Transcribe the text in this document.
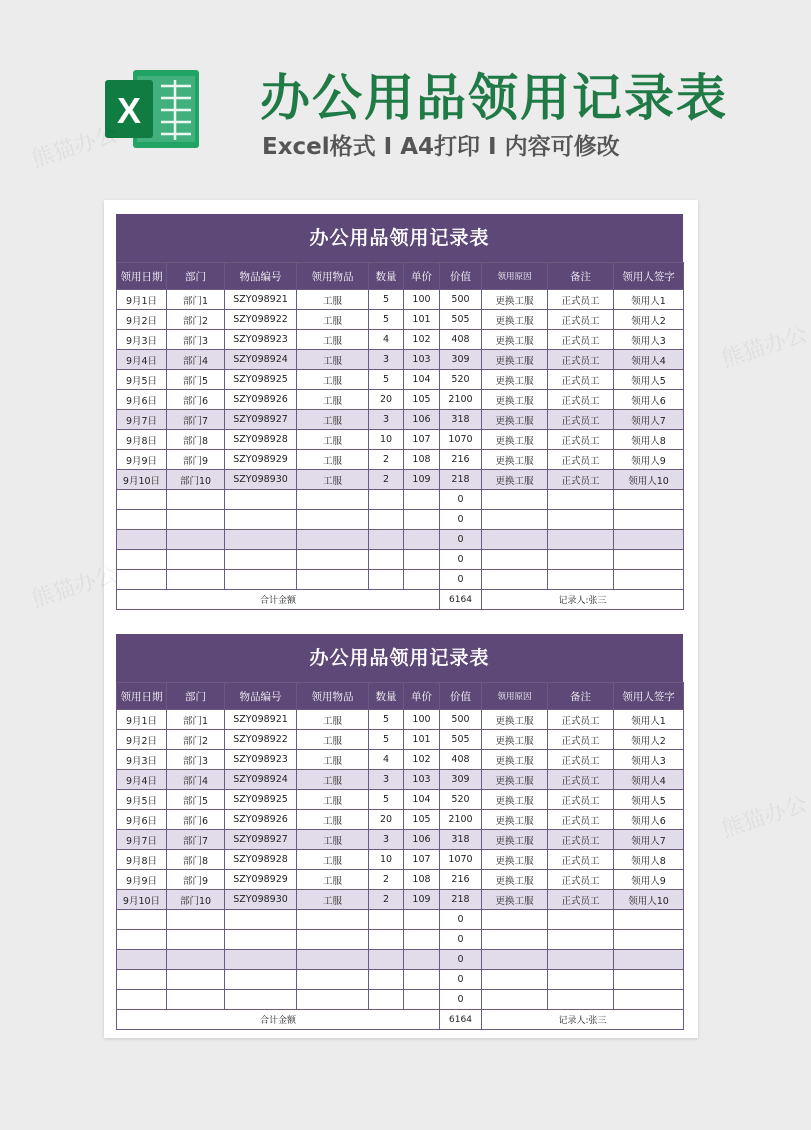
X 办公用品领用记录表
Excel格式 I A4打印 I 内容可修改
办公用品领用记录表
领用日期	部门	物品编号	领用物品	数量	单价	价值	领用原因	备注	领用人签字
9月1日	部门1	SZY098921	工服	5	100	500	更换工服	正式员工	领用人1
9月2日	部门2	SZY098922	工服	5	101	505	更换工服	正式员工	领用人2
9月3日	部门3	SZY098923	工服	4	102	408	更换工服	正式员工	领用人3
9月4日	部门4	SZY098924	工服	3	103	309	更换工服	正式员工	领用人4
9月5日	部门5	SZY098925	工服	5	104	520	更换工服	正式员工	领用人5
9月6日	部门6	SZY098926	工服	20	105	2100	更换工服	正式员工	领用人6
9月7日	部门7	SZY098927	工服	3	106	318	更换工服	正式员工	领用人7
9月8日	部门8	SZY098928	工服	10	107	1070	更换工服	正式员工	领用人8
9月9日	部门9	SZY098929	工服	2	108	216	更换工服	正式员工	领用人9
9月10日	部门10	SZY098930	工服	2	109	218	更换工服	正式员工	领用人10
						0			
						0			
						0			
						0			
						0			
合计金额						6164	记录人:张三		
办公用品领用记录表
领用日期	部门	物品编号	领用物品	数量	单价	价值	领用原因	备注	领用人签字
9月1日	部门1	SZY098921	工服	5	100	500	更换工服	正式员工	领用人1
9月2日	部门2	SZY098922	工服	5	101	505	更换工服	正式员工	领用人2
9月3日	部门3	SZY098923	工服	4	102	408	更换工服	正式员工	领用人3
9月4日	部门4	SZY098924	工服	3	103	309	更换工服	正式员工	领用人4
9月5日	部门5	SZY098925	工服	5	104	520	更换工服	正式员工	领用人5
9月6日	部门6	SZY098926	工服	20	105	2100	更换工服	正式员工	领用人6
9月7日	部门7	SZY098927	工服	3	106	318	更换工服	正式员工	领用人7
9月8日	部门8	SZY098928	工服	10	107	1070	更换工服	正式员工	领用人8
9月9日	部门9	SZY098929	工服	2	108	216	更换工服	正式员工	领用人9
9月10日	部门10	SZY098930	工服	2	109	218	更换工服	正式员工	领用人10
						0			
						0			
						0			
						0			
						0			
合计金额						6164	记录人:张三		
熊猫办公
熊猫办公
熊猫办公
熊猫办公
